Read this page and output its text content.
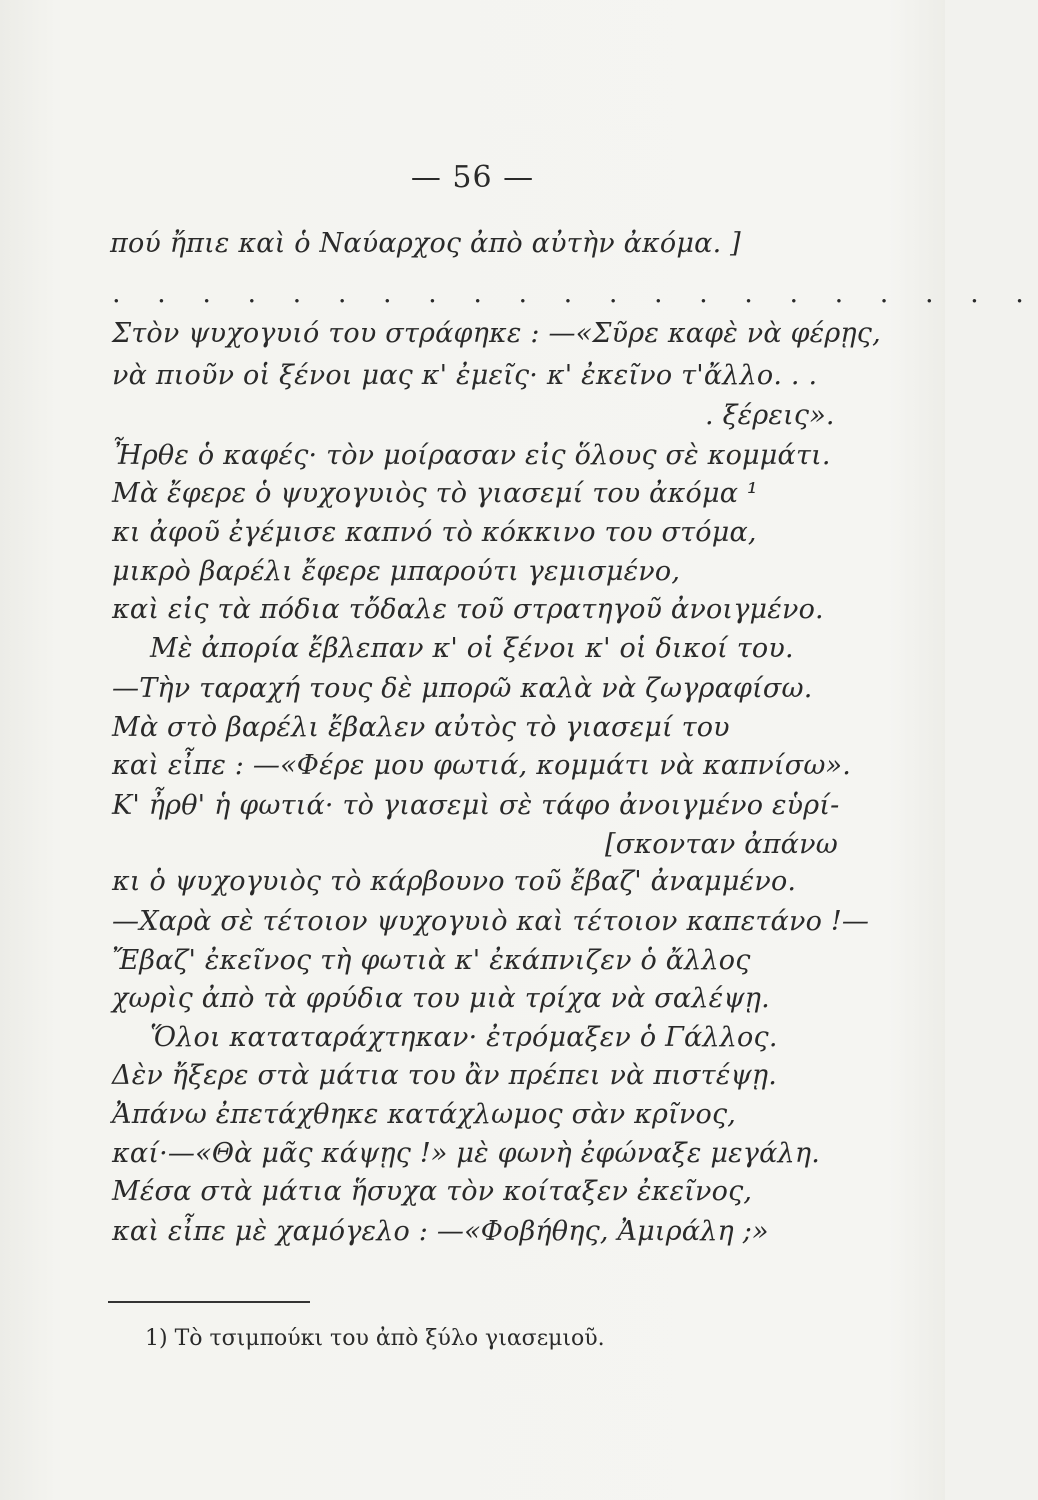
— 56 —
πού ἤπιε καὶ ὁ Ναύαρχος ἀπὸ αὐτὴν ἀκόμα. ]
. . . . . . . . . . . . . . . . . . . . .
Στὸν ψυχογυιό του στράφηκε : —«Σῦρε καφὲ νὰ φέρῃς,
νὰ πιοῦν οἱ ξένοι μας κ' ἐμεῖς· κ' ἐκεῖνο τ'ἄλλο. . .
. ξέρεις».
Ἦρθε ὁ καφές· τὸν μοίρασαν εἰς ὅλους σὲ κομμάτι.
Μὰ ἔφερε ὁ ψυχογυιὸς τὸ γιασεμί του ἀκόμα ¹
κι ἀφοῦ ἐγέμισε καπνό τὸ κόκκινο του στόμα,
μικρὸ βαρέλι ἔφερε μπαρούτι γεμισμένο,
καὶ εἰς τὰ πόδια τὄδαλε τοῦ στρατηγοῦ ἀνοιγμένο.
Μὲ ἀπορία ἔβλεπαν κ' οἱ ξένοι κ' οἱ δικοί του.
—Τὴν ταραχή τους δὲ μπορῶ καλὰ νὰ ζωγραφίσω.
Μὰ στὸ βαρέλι ἔβαλεν αὐτὸς τὸ γιασεμί του
καὶ εἶπε : —«Φέρε μου φωτιά, κομμάτι νὰ καπνίσω».
Κ' ἦρθ' ἡ φωτιά· τὸ γιασεμὶ σὲ τάφο ἀνοιγμένο εὑρί-
[σκονταν ἀπάνω
κι ὁ ψυχογυιὸς τὸ κάρβουνο τοῦ ἔβαζ' ἀναμμένο.
—Χαρὰ σὲ τέτοιον ψυχογυιὸ καὶ τέτοιον καπετάνο !—
Ἔβαζ' ἐκεῖνος τὴ φωτιὰ κ' ἐκάπνιζεν ὁ ἄλλος
χωρὶς ἀπὸ τὰ φρύδια του μιὰ τρίχα νὰ σαλέψῃ.
Ὅλοι καταταράχτηκαν· ἐτρόμαξεν ὁ Γάλλος.
Δὲν ἤξερε στὰ μάτια του ἂν πρέπει νὰ πιστέψῃ.
Ἀπάνω ἐπετάχθηκε κατάχλωμος σὰν κρῖνος,
καί·—«Θὰ μᾶς κάψῃς !» μὲ φωνὴ ἐφώναξε μεγάλη.
Μέσα στὰ μάτια ἥσυχα τὸν κοίταξεν ἐκεῖνος,
καὶ εἶπε μὲ χαμόγελο : —«Φοβήθης, Ἀμιράλη ;»
1) Τὸ τσιμπούκι του ἀπὸ ξύλο γιασεμιοῦ.
